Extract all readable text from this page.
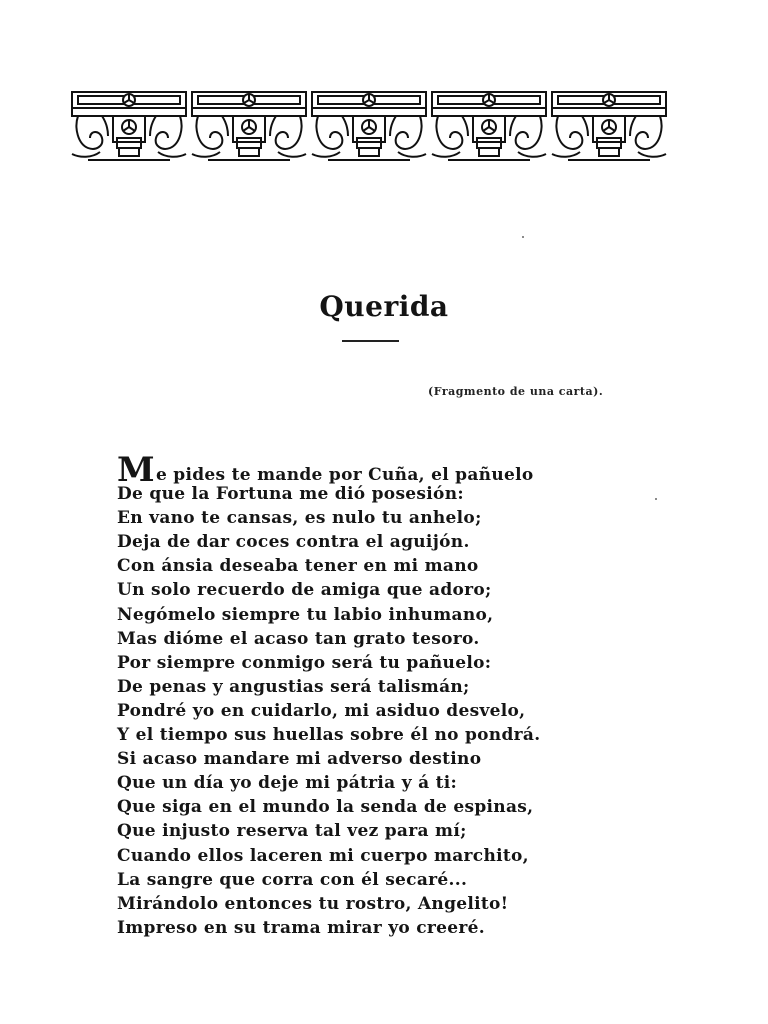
Querida
(Fragmento de una carta).
Me pides te mande por Cuña, el pañuelo
De que la Fortuna me dió posesión:
En vano te cansas, es nulo tu anhelo;
Deja de dar coces contra el aguijón.
Con ánsia deseaba tener en mi mano
Un solo recuerdo de amiga que adoro;
Negómelo siempre tu labio inhumano,
Mas dióme el acaso tan grato tesoro.
Por siempre conmigo será tu pañuelo:
De penas y angustias será talismán;
Pondré yo en cuidarlo, mi asiduo desvelo,
Y el tiempo sus huellas sobre él no pondrá.
Si acaso mandare mi adverso destino
Que un día yo deje mi pátria y á ti:
Que siga en el mundo la senda de espinas,
Que injusto reserva tal vez para mí;
Cuando ellos laceren mi cuerpo marchito,
La sangre que corra con él secaré...
Mirándolo entonces tu rostro, Angelito!
Impreso en su trama mirar yo creeré.
